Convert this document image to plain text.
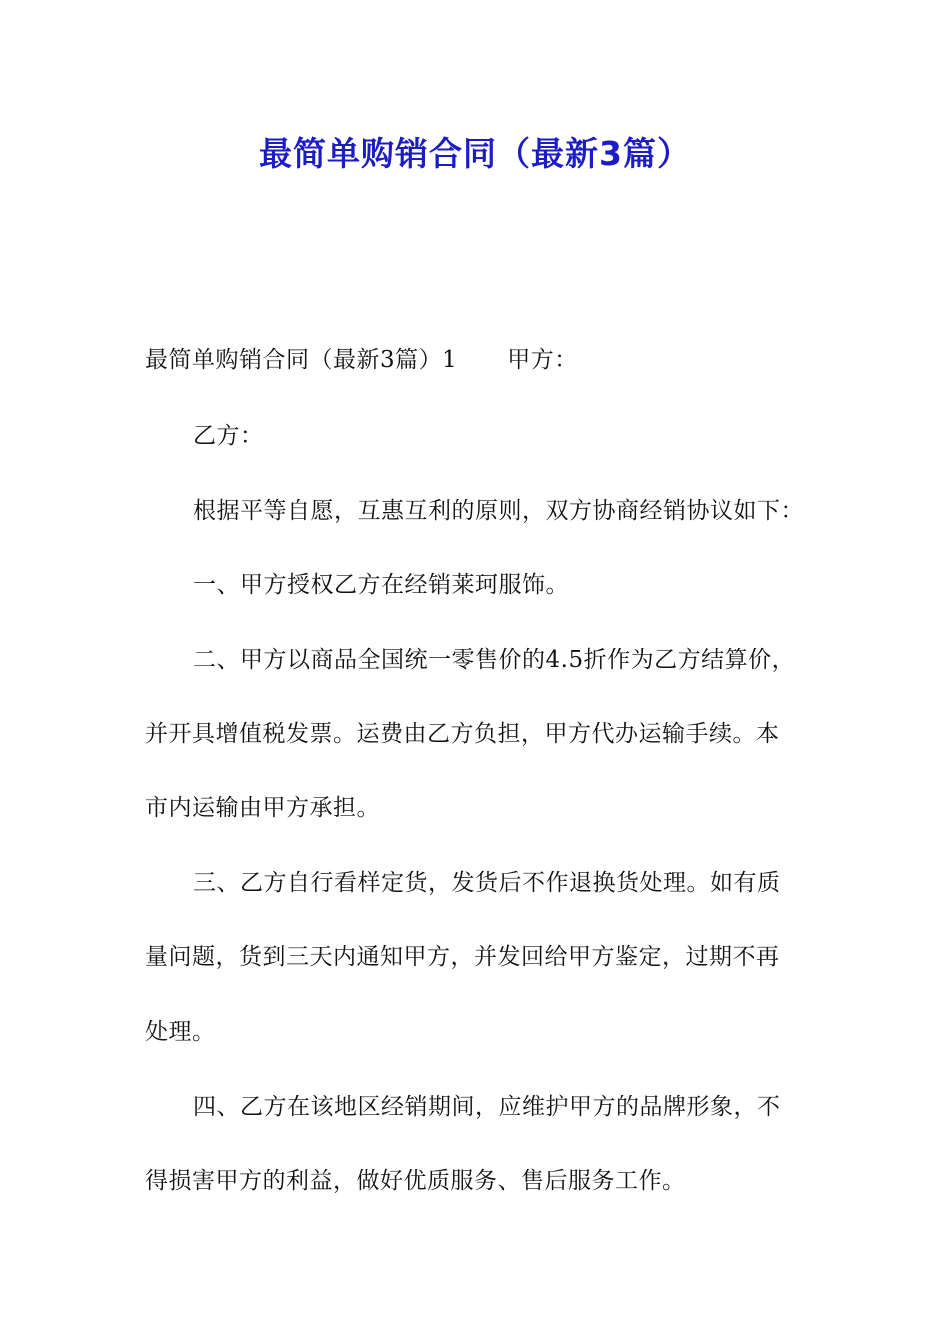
最简单购销合同（最新3篇）
最简单购销合同（最新3篇）1 甲方：
乙方：
根据平等自愿，互惠互利的原则，双方协商经销协议如下：
一、甲方授权乙方在经销莱珂服饰。
二、甲方以商品全国统一零售价的4.5折作为乙方结算价，
并开具增值税发票。运费由乙方负担，甲方代办运输手续。本
市内运输由甲方承担。
三、乙方自行看样定货，发货后不作退换货处理。如有质
量问题，货到三天内通知甲方，并发回给甲方鉴定，过期不再
处理。
四、乙方在该地区经销期间，应维护甲方的品牌形象，不
得损害甲方的利益，做好优质服务、售后服务工作。
